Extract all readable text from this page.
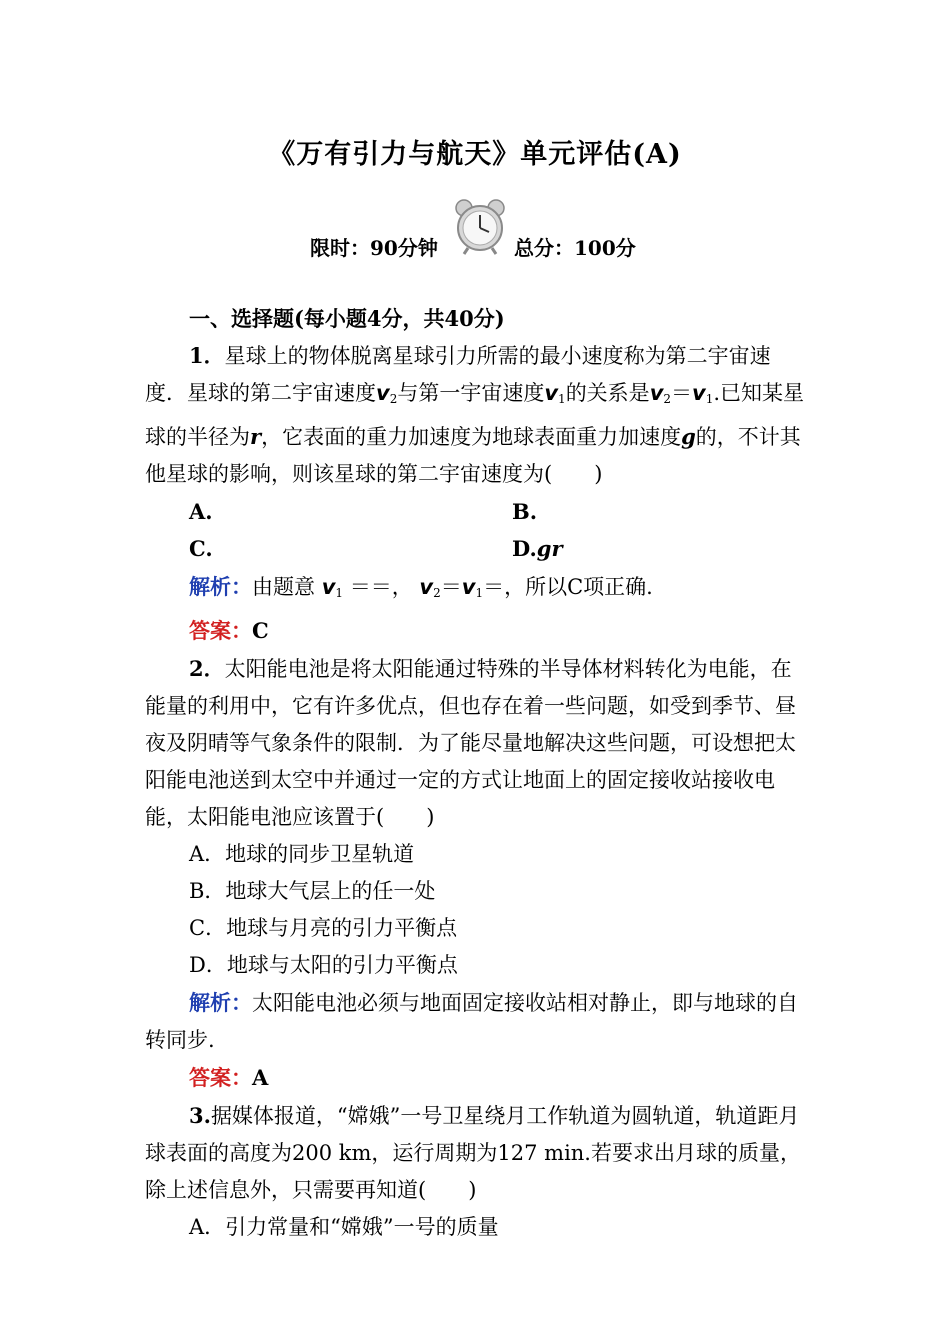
《万有引力与航天》单元评估(A)
限时：90分钟	总分：100分

一、选择题(每小题4分，共40分)

1．星球上的物体脱离星球引力所需的最小速度称为第二宇宙速度．星球的第二宇宙速度$v_2$与第一宇宙速度$v_1$的关系是$v_2=v_1$.已知某星球的半径为r，它表面的重力加速度为地球表面重力加速度g的，不计其他星球的影响，则该星球的第二宇宙速度为(　　)

A.	B.
C.	D.gr

解析：由题意 $v_1$ ＝＝， $v_2=v_1=$，所以C项正确.

答案：C

2．太阳能电池是将太阳能通过特殊的半导体材料转化为电能，在能量的利用中，它有许多优点，但也存在着一些问题，如受到季节、昼夜及阴晴等气象条件的限制．为了能尽量地解决这些问题，可设想把太阳能电池送到太空中并通过一定的方式让地面上的固定接收站接收电能，太阳能电池应该置于(　　)

A．地球的同步卫星轨道

B．地球大气层上的任一处

C．地球与月亮的引力平衡点

D．地球与太阳的引力平衡点

解析：太阳能电池必须与地面固定接收站相对静止，即与地球的自转同步.

答案：A

3.据媒体报道，“嫦娥”一号卫星绕月工作轨道为圆轨道，轨道距月球表面的高度为200 km，运行周期为127 min.若要求出月球的质量，除上述信息外，只需要再知道(　　)

A．引力常量和“嫦娥”一号的质量
